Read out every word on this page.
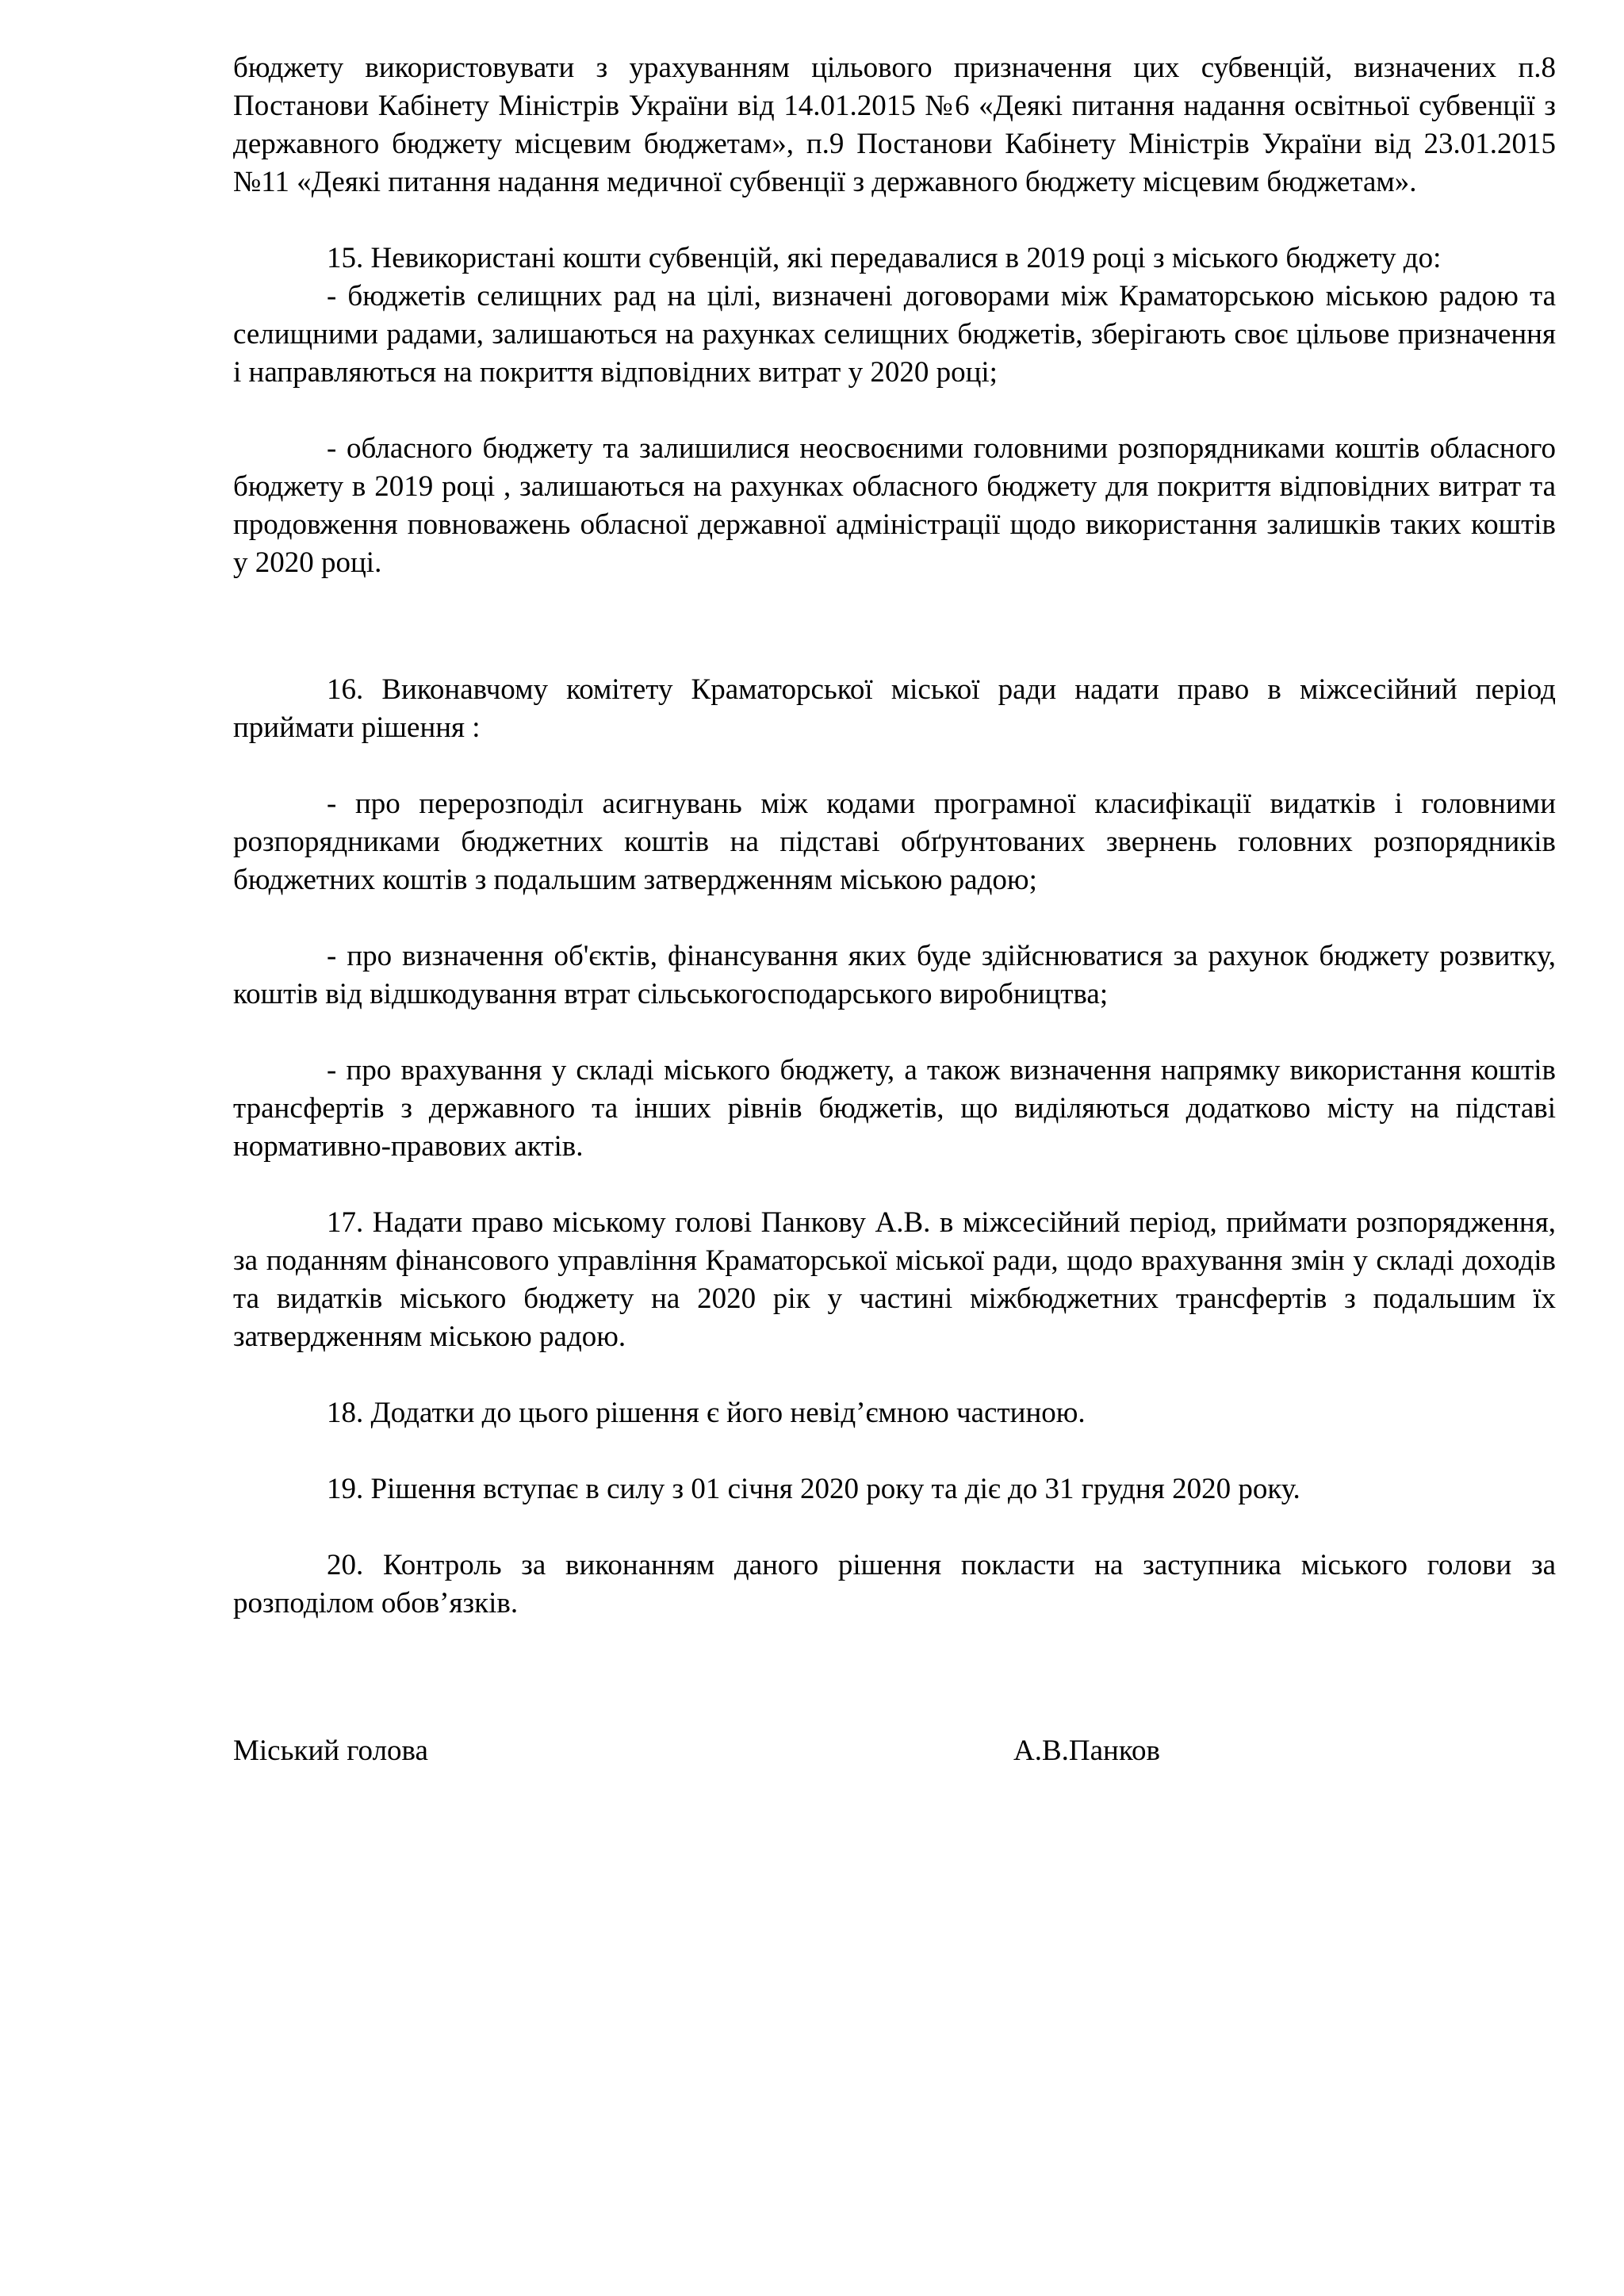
бюджету використовувати з урахуванням цільового призначення цих субвенцій, визначених п.8 Постанови Кабінету Міністрів України від 14.01.2015 №6 «Деякі питання надання освітньої субвенції з державного бюджету місцевим бюджетам», п.9 Постанови Кабінету Міністрів України від 23.01.2015 №11 «Деякі питання надання медичної субвенції з державного бюджету місцевим бюджетам».

15. Невикористані кошти субвенцій, які передавалися в 2019 році з міського бюджету до:

- бюджетів селищних рад на цілі, визначені договорами між Краматорською міською радою та селищними радами, залишаються на рахунках селищних бюджетів, зберігають своє цільове призначення і направляються на покриття відповідних витрат у 2020 році;

- обласного бюджету та залишилися неосвоєними головними розпорядниками коштів обласного бюджету в 2019 році , залишаються на рахунках обласного бюджету для покриття відповідних витрат та продовження повноважень обласної державної адміністрації щодо використання залишків таких коштів у 2020 році.

16. Виконавчому комітету Краматорської міської ради надати право в міжсесійний період приймати рішення :

- про перерозподіл асигнувань між кодами програмної класифікації видатків і головними розпорядниками бюджетних коштів на підставі обґрунтованих звернень головних розпорядників бюджетних коштів з подальшим затвердженням міською радою;

- про визначення об'єктів, фінансування яких буде здійснюватися за рахунок бюджету розвитку, коштів від відшкодування втрат сільськогосподарського виробництва;

- про врахування у складі міського бюджету, а також визначення напрямку використання коштів трансфертів з державного та інших рівнів бюджетів, що виділяються додатково місту на підставі нормативно-правових актів.

17. Надати право міському голові Панкову А.В. в міжсесійний період, приймати розпорядження, за поданням фінансового управління Краматорської міської ради, щодо врахування змін у складі доходів та видатків міського бюджету на 2020 рік у частині міжбюджетних трансфертів з подальшим їх затвердженням міською радою.

18. Додатки до цього рішення є його невід’ємною частиною.

19. Рішення вступає в силу з 01 січня 2020 року та діє до 31 грудня 2020 року.

20. Контроль за виконанням даного рішення покласти на заступника міського голови за розподілом обов’язків.

Міський голова	А.В.Панков
